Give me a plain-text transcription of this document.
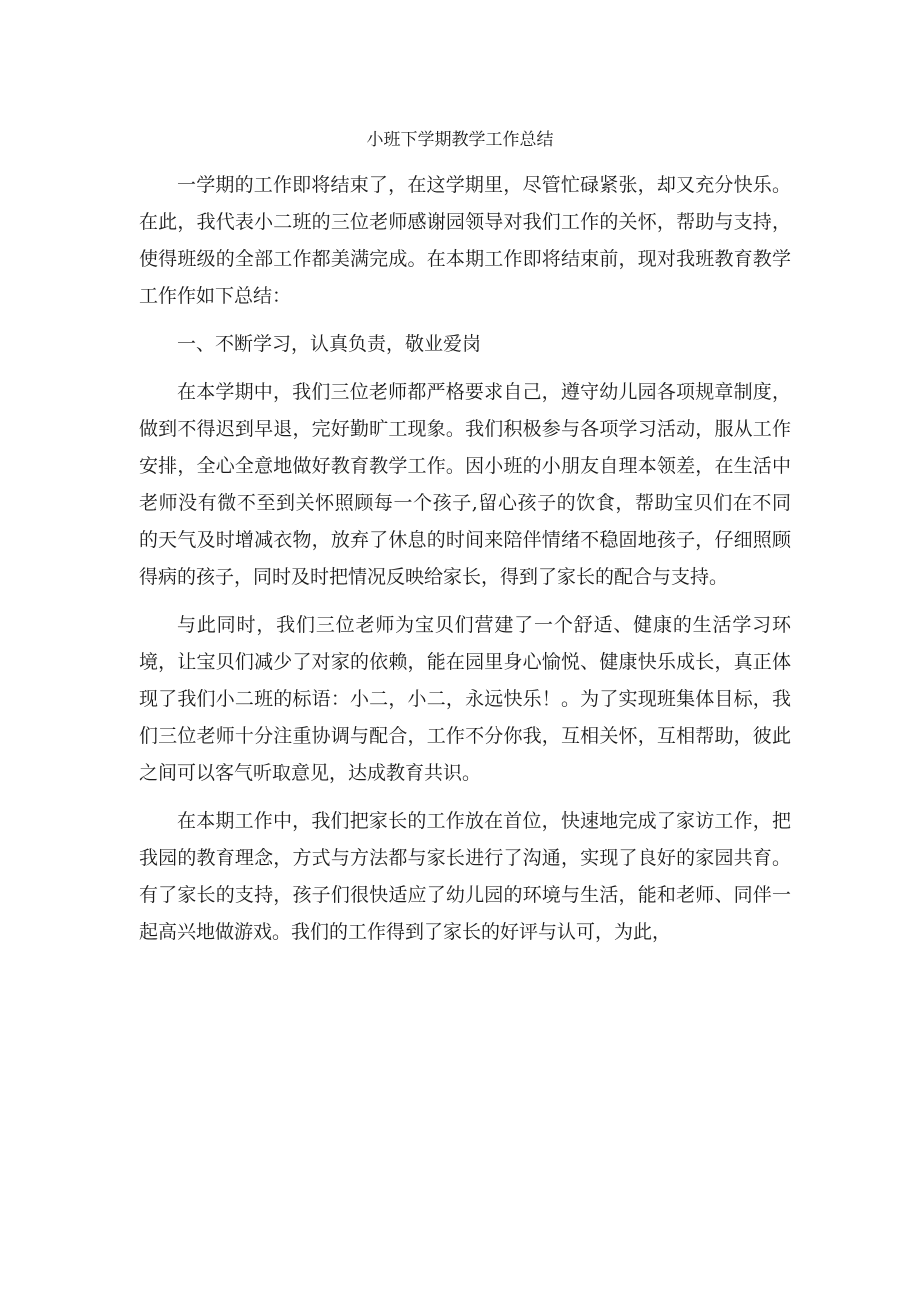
小班下学期教学工作总结

一学期的工作即将结束了，在这学期里，尽管忙碌紧张，却又充分快乐。在此，我代表小二班的三位老师感谢园领导对我们工作的关怀，帮助与支持，使得班级的全部工作都美满完成。在本期工作即将结束前，现对我班教育教学工作作如下总结：

一、不断学习，认真负责，敬业爱岗

在本学期中，我们三位老师都严格要求自己，遵守幼儿园各项规章制度，做到不得迟到早退，完好勤旷工现象。我们积极参与各项学习活动，服从工作安排，全心全意地做好教育教学工作。因小班的小朋友自理本领差，在生活中老师没有微不至到关怀照顾每一个孩子,留心孩子的饮食，帮助宝贝们在不同的天气及时增减衣物，放弃了休息的时间来陪伴情绪不稳固地孩子，仔细照顾得病的孩子，同时及时把情况反映给家长，得到了家长的配合与支持。

与此同时，我们三位老师为宝贝们营建了一个舒适、健康的生活学习环境，让宝贝们减少了对家的依赖，能在园里身心愉悦、健康快乐成长，真正体现了我们小二班的标语：小二，小二，永远快乐！。为了实现班集体目标，我们三位老师十分注重协调与配合，工作不分你我，互相关怀，互相帮助，彼此之间可以客气听取意见，达成教育共识。

在本期工作中，我们把家长的工作放在首位，快速地完成了家访工作，把我园的教育理念，方式与方法都与家长进行了沟通，实现了良好的家园共育。有了家长的支持，孩子们很快适应了幼儿园的环境与生活，能和老师、同伴一起高兴地做游戏。我们的工作得到了家长的好评与认可，为此，
